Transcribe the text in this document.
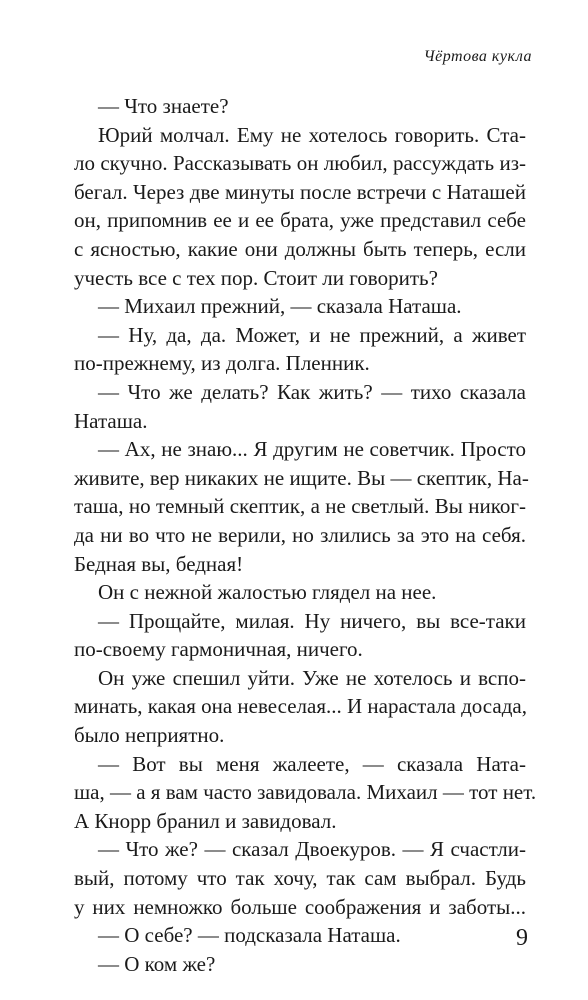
Чёртова кукла
— Что знаете?
Юрий молчал. Ему не хотелось говорить. Ста-
ло скучно. Рассказывать он любил, рассуждать из-
бегал. Через две минуты после встречи с Наташей
он, припомнив ее и ее брата, уже представил себе
с ясностью, какие они должны быть теперь, если
учесть все с тех пор. Стоит ли говорить?
— Михаил прежний, — сказала Наташа.
— Ну, да, да. Может, и не прежний, а живет
по-прежнему, из долга. Пленник.
— Что же делать? Как жить? — тихо сказала
Наташа.
— Ах, не знаю... Я другим не советчик. Просто
живите, вер никаких не ищите. Вы — скептик, На-
таша, но темный скептик, а не светлый. Вы никог-
да ни во что не верили, но злились за это на себя.
Бедная вы, бедная!
Он с нежной жалостью глядел на нее.
— Прощайте, милая. Ну ничего, вы все-таки
по-своему гармоничная, ничего.
Он уже спешил уйти. Уже не хотелось и вспо-
минать, какая она невеселая... И нарастала досада,
было неприятно.
— Вот вы меня жалеете, — сказала Ната-
ша, — а я вам часто завидовала. Михаил — тот нет.
А Кнорр бранил и завидовал.
— Что же? — сказал Двоекуров. — Я счастли-
вый, потому что так хочу, так сам выбрал. Будь
у них немножко больше соображения и заботы...
— О себе? — подсказала Наташа.
— О ком же?
9
